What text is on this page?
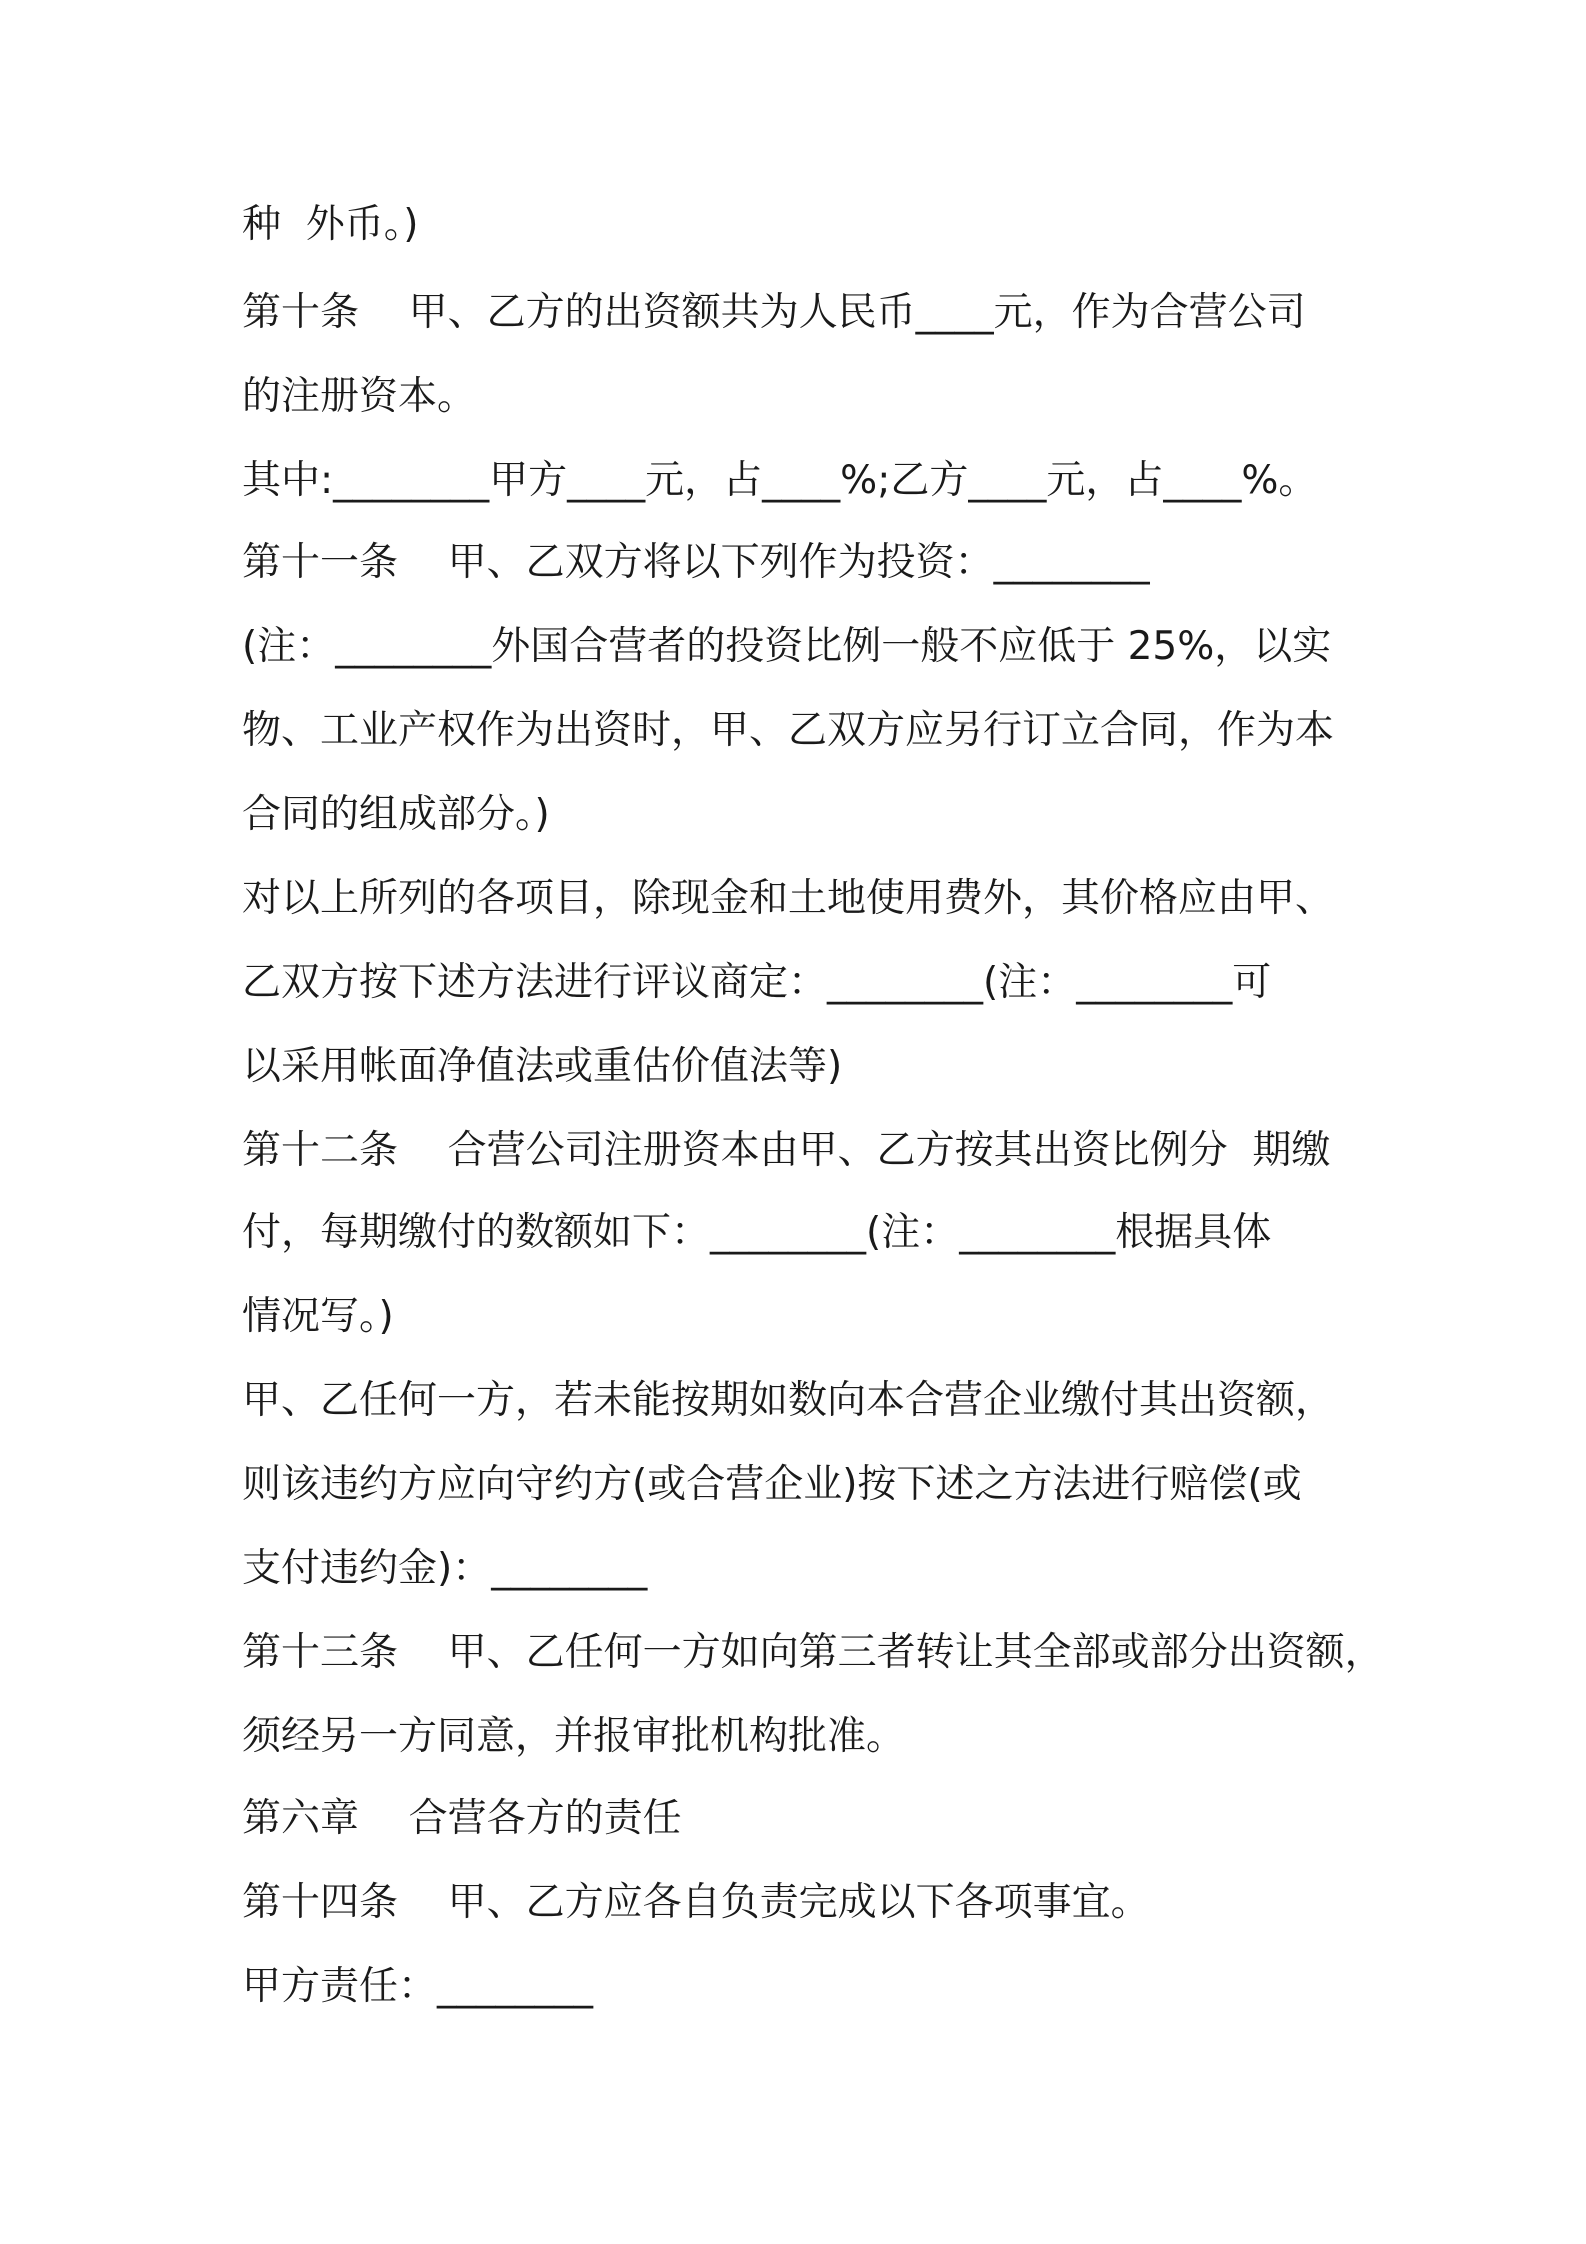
种  外币。)
第十条    甲、乙方的出资额共为人民币____元，作为合营公司
的注册资本。
其中:________甲方____元，占____%;乙方____元，占____%。
第十一条    甲、乙双方将以下列作为投资：________
(注：________外国合营者的投资比例一般不应低于 25%，以实
物、工业产权作为出资时，甲、乙双方应另行订立合同，作为本
合同的组成部分。)
对以上所列的各项目，除现金和土地使用费外，其价格应由甲、
乙双方按下述方法进行评议商定：________(注：________可
以采用帐面净值法或重估价值法等)
第十二条    合营公司注册资本由甲、乙方按其出资比例分  期缴
付，每期缴付的数额如下：________(注：________根据具体
情况写。)
甲、乙任何一方，若未能按期如数向本合营企业缴付其出资额，
则该违约方应向守约方(或合营企业)按下述之方法进行赔偿(或
支付违约金)：________
第十三条    甲、乙任何一方如向第三者转让其全部或部分出资额，
须经另一方同意，并报审批机构批准。
第六章    合营各方的责任
第十四条    甲、乙方应各自负责完成以下各项事宜。
甲方责任：________
